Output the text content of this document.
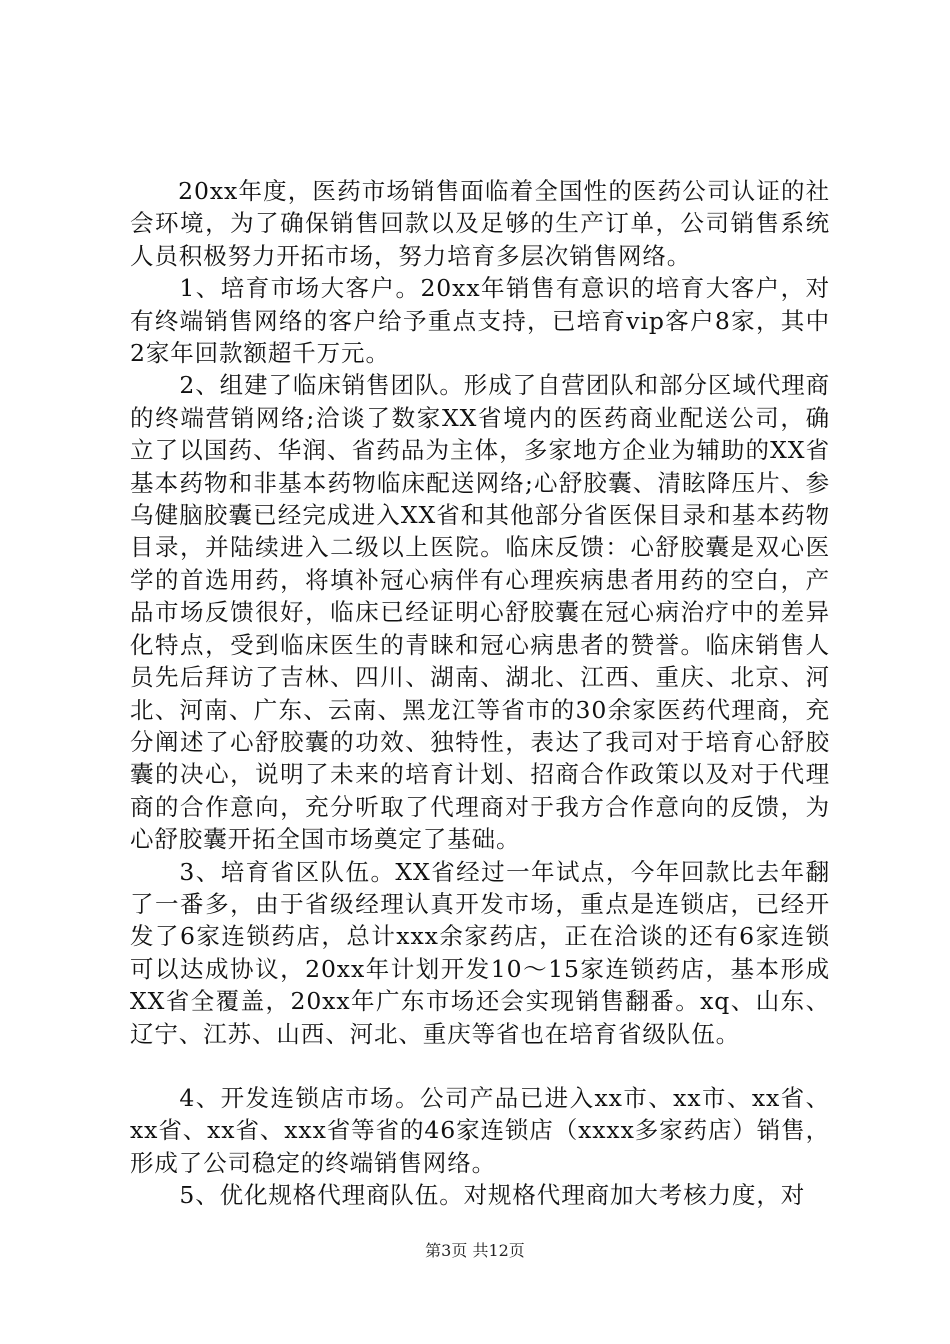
20xx年度，医药市场销售面临着全国性的医药公司认证的社会环境，为了确保销售回款以及足够的生产订单，公司销售系统人员积极努力开拓市场，努力培育多层次销售网络。

1、培育市场大客户。20xx年销售有意识的培育大客户，对有终端销售网络的客户给予重点支持，已培育vip客户8家，其中2家年回款额超千万元。

2、组建了临床销售团队。形成了自营团队和部分区域代理商的终端营销网络;洽谈了数家XX省境内的医药商业配送公司，确立了以国药、华润、省药品为主体，多家地方企业为辅助的XX省基本药物和非基本药物临床配送网络;心舒胶囊、清眩降压片、参乌健脑胶囊已经完成进入XX省和其他部分省医保目录和基本药物目录，并陆续进入二级以上医院。临床反馈：心舒胶囊是双心医学的首选用药，将填补冠心病伴有心理疾病患者用药的空白，产品市场反馈很好，临床已经证明心舒胶囊在冠心病治疗中的差异化特点，受到临床医生的青睐和冠心病患者的赞誉。临床销售人员先后拜访了吉林、四川、湖南、湖北、江西、重庆、北京、河北、河南、广东、云南、黑龙江等省市的30余家医药代理商，充分阐述了心舒胶囊的功效、独特性，表达了我司对于培育心舒胶囊的决心，说明了未来的培育计划、招商合作政策以及对于代理商的合作意向，充分听取了代理商对于我方合作意向的反馈，为心舒胶囊开拓全国市场奠定了基础。

3、培育省区队伍。XX省经过一年试点，今年回款比去年翻了一番多，由于省级经理认真开发市场，重点是连锁店，已经开发了6家连锁药店，总计xxx余家药店，正在洽谈的还有6家连锁可以达成协议，20xx年计划开发10～15家连锁药店，基本形成XX省全覆盖，20xx年广东市场还会实现销售翻番。xq、山东、辽宁、江苏、山西、河北、重庆等省也在培育省级队伍。

4、开发连锁店市场。公司产品已进入xx市、xx市、xx省、xx省、xx省、xxx省等省的46家连锁店（xxxx多家药店）销售，形成了公司稳定的终端销售网络。

5、优化规格代理商队伍。对规格代理商加大考核力度，对

第3页 共12页
